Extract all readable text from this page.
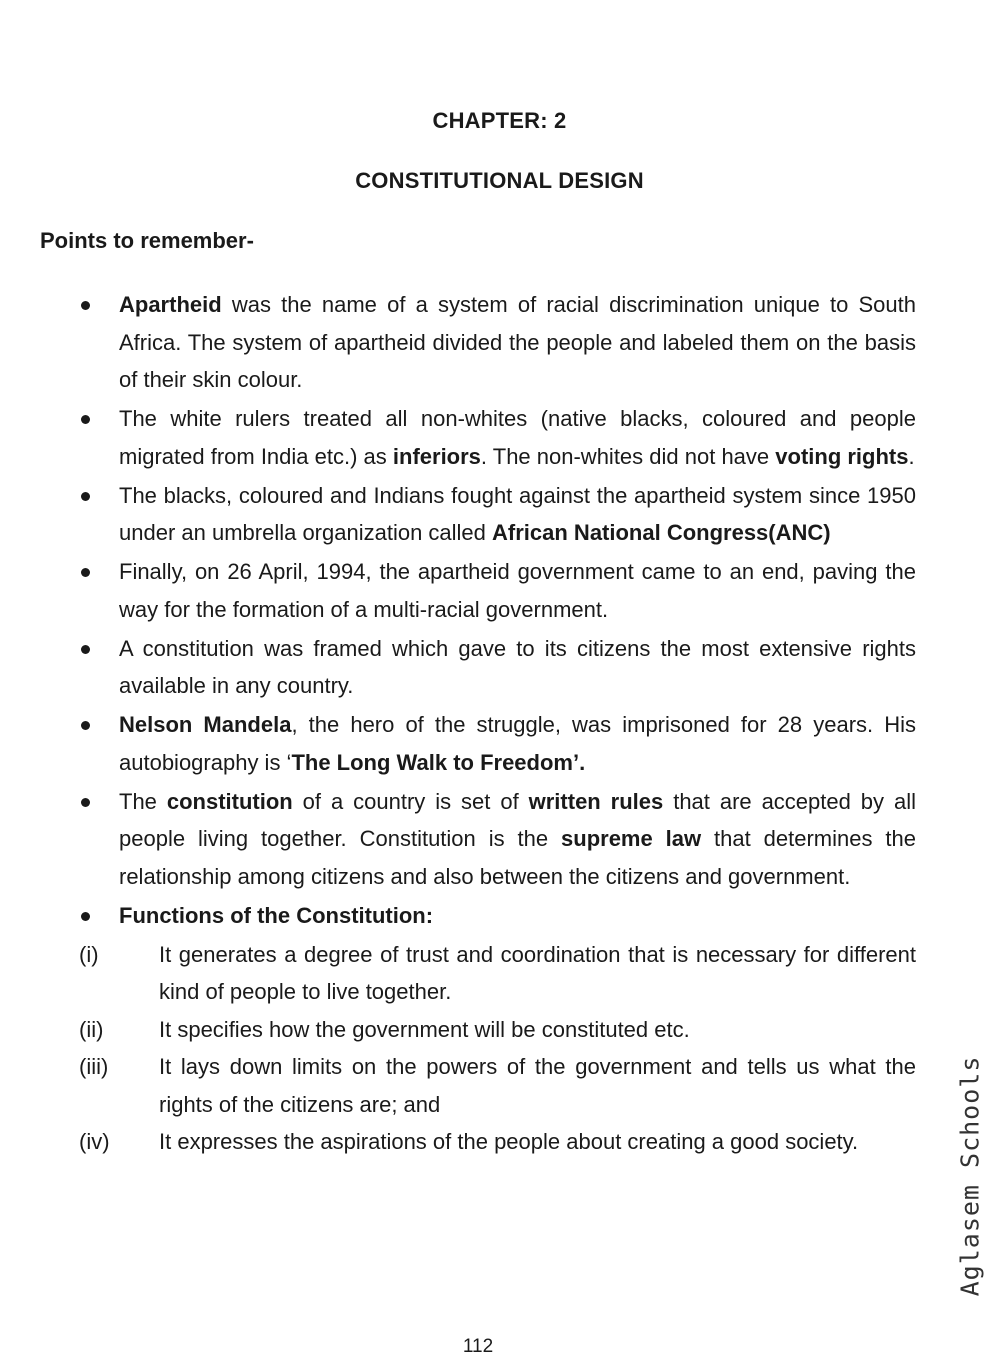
CHAPTER: 2
CONSTITUTIONAL DESIGN
Points to remember-
Apartheid was the name of a system of racial discrimination unique to South Africa. The system of apartheid divided the people and labeled them on the basis of their skin colour.
The white rulers treated all non-whites (native blacks, coloured and people migrated from India etc.) as inferiors. The non-whites did not have voting rights.
The blacks, coloured and Indians fought against the apartheid system since 1950 under an umbrella organization called African National Congress(ANC)
Finally, on 26 April, 1994, the apartheid government came to an end, paving the way for the formation of a multi-racial government.
A constitution was framed which gave to its citizens the most extensive rights available in any country.
Nelson Mandela, the hero of the struggle, was imprisoned for 28 years. His autobiography is ‘The Long Walk to Freedom’.
The constitution of a country is set of written rules that are accepted by all people living together. Constitution is the supreme law that determines the relationship among citizens and also between the citizens and government.
Functions of the Constitution:
(i)	It generates a degree of trust and coordination that is necessary for different kind of people to live together.
(ii)	It specifies how the government will be constituted etc.
(iii) It lays down limits on the powers of the government and tells us what the rights of the citizens are; and
(iv) It expresses the aspirations of the people about creating a good society.	Aglasem Schools
112
